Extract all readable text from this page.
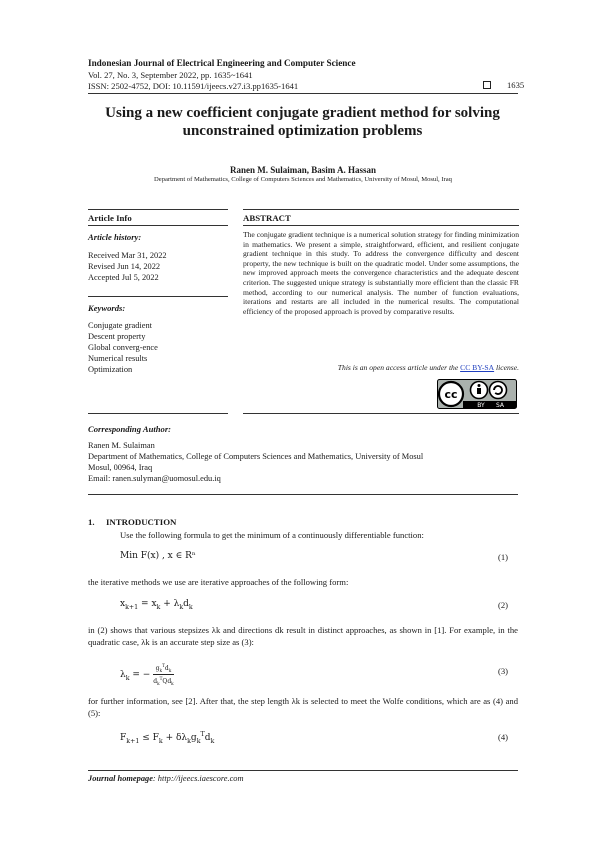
Indonesian Journal of Electrical Engineering and Computer Science
Vol. 27, No. 3, September 2022, pp. 1635~1641
ISSN: 2502-4752, DOI: 10.11591/ijeecs.v27.i3.pp1635-1641	1635
Using a new coefficient conjugate gradient method for solving
unconstrained optimization problems
Ranen M. Sulaiman, Basim A. Hassan
Department of Mathematics, College of Computers Sciences and Mathematics, University of Mosul, Mosul, Iraq
Article Info
Article history:
Received Mar 31, 2022
Revised Jun 14, 2022
Accepted Jul 5, 2022
Keywords:
Conjugate gradient
Descent property
Global converg-ence
Numerical results
Optimization
ABSTRACT
The conjugate gradient technique is a numerical solution strategy for finding minimization in mathematics. We present a simple, straightforward, efficient, and resilient conjugate gradient technique in this study. To address the convergence difficulty and descent property, the new technique is built on the quadratic model. Under some assumptions, the new improved approach meets the convergence characteristics and the adequate descent criterion. The suggested unique strategy is substantially more efficient than the classic FR method, according to our numerical analysis. The number of function evaluations, iterations and restarts are all included in the numerical results. The computational efficiency of the proposed approach is proved by comparative results.
This is an open access article under the CC BY-SA license.
cc
BY SA
Corresponding Author:
Ranen M. Sulaiman
Department of Mathematics, College of Computers Sciences and Mathematics, University of Mosul
Mosul, 00964, Iraq
Email: ranen.sulyman@uomosul.edu.iq
1. INTRODUCTION
Use the following formula to get the minimum of a continuously differentiable function:
Min F(x) , x ∈ Rⁿ	(1)
the iterative methods we use are iterative approaches of the following form:
$x_{k+1} = x_k + \lambda_kd_k$	(2)
in (2) shows that various stepsizes λk and directions dk result in distinct approaches, as shown in [1]. For example, in the quadratic case, λk is an accurate step size as (3):
$\lambda_k$ = −
$g_k^Td_k$
$d_k^TQd_k$
(3)
for further information, see [2]. After that, the step length λk is selected to meet the Wolfe conditions, which are as (4) and (5):
$F_{k+1} \le F_k + \delta\lambda_kg_k^Td_k$	(4)
Journal homepage: http://ijeecs.iaescore.com
